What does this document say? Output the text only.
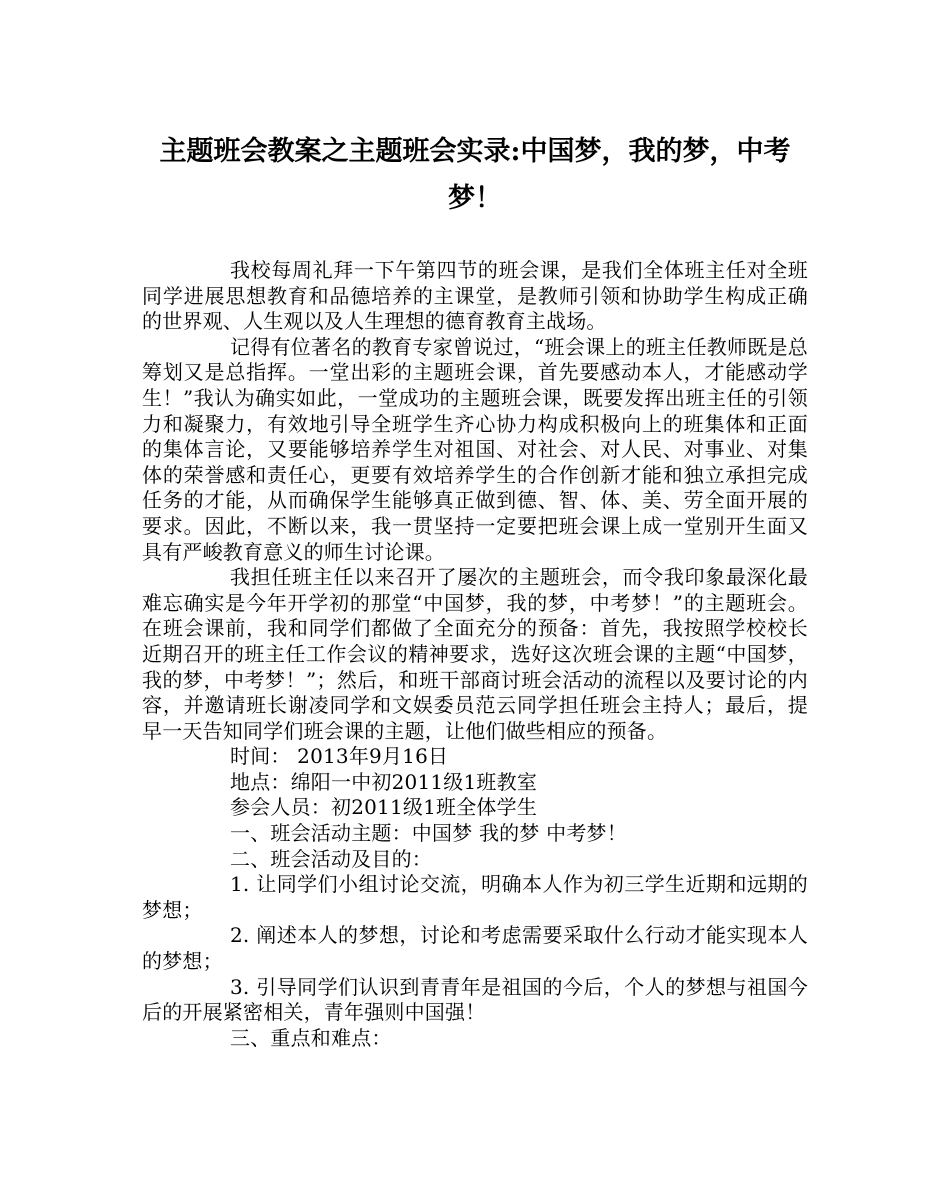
主题班会教案之主题班会实录:中国梦，我的梦，中考梦！

我校每周礼拜一下午第四节的班会课，是我们全体班主任对全班同学进展思想教育和品德培养的主课堂，是教师引领和协助学生构成正确的世界观、人生观以及人生理想的德育教育主战场。

记得有位著名的教育专家曾说过，“班会课上的班主任教师既是总筹划又是总指挥。一堂出彩的主题班会课，首先要感动本人，才能感动学生！”我认为确实如此，一堂成功的主题班会课，既要发挥出班主任的引领力和凝聚力，有效地引导全班学生齐心协力构成积极向上的班集体和正面的集体言论，又要能够培养学生对祖国、对社会、对人民、对事业、对集体的荣誉感和责任心，更要有效培养学生的合作创新才能和独立承担完成任务的才能，从而确保学生能够真正做到德、智、体、美、劳全面开展的要求。因此，不断以来，我一贯坚持一定要把班会课上成一堂别开生面又具有严峻教育意义的师生讨论课。

我担任班主任以来召开了屡次的主题班会，而令我印象最深化最难忘确实是今年开学初的那堂“中国梦，我的梦，中考梦！”的主题班会。在班会课前，我和同学们都做了全面充分的预备：首先，我按照学校校长近期召开的班主任工作会议的精神要求，选好这次班会课的主题“中国梦，我的梦，中考梦！”；然后，和班干部商讨班会活动的流程以及要讨论的内容，并邀请班长谢凌同学和文娱委员范云同学担任班会主持人；最后，提早一天告知同学们班会课的主题，让他们做些相应的预备。

时间： 2013年9月16日

地点：绵阳一中初2011级1班教室

参会人员：初2011级1班全体学生

一、班会活动主题：中国梦 我的梦 中考梦！

二、班会活动及目的：

1. 让同学们小组讨论交流，明确本人作为初三学生近期和远期的梦想；

2. 阐述本人的梦想，讨论和考虑需要采取什么行动才能实现本人的梦想；

3. 引导同学们认识到青青年是祖国的今后，个人的梦想与祖国今后的开展紧密相关，青年强则中国强！

三、重点和难点：
